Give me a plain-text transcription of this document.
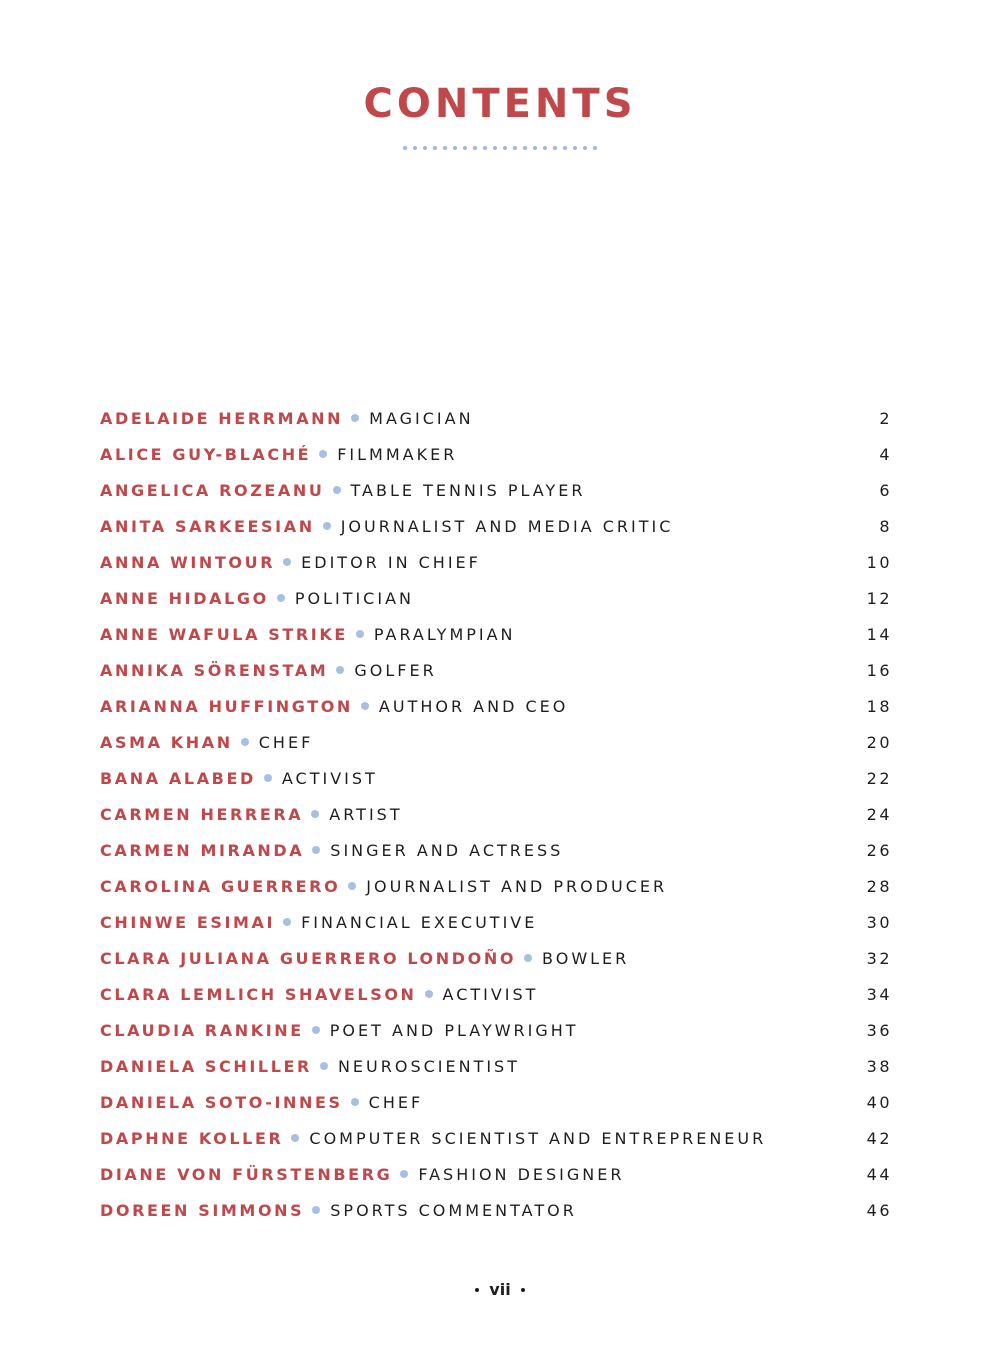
CONTENTS
ADELAIDE HERRMANN MAGICIAN	2
ALICE GUY-BLACHÉ FILMMAKER	4
ANGELICA ROZEANU TABLE TENNIS PLAYER	6
ANITA SARKEESIAN JOURNALIST AND MEDIA CRITIC	8
ANNA WINTOUR EDITOR IN CHIEF	10
ANNE HIDALGO POLITICIAN	12
ANNE WAFULA STRIKE PARALYMPIAN	14
ANNIKA SÖRENSTAM GOLFER	16
ARIANNA HUFFINGTON AUTHOR AND CEO	18
ASMA KHAN CHEF	20
BANA ALABED ACTIVIST	22
CARMEN HERRERA ARTIST	24
CARMEN MIRANDA SINGER AND ACTRESS	26
CAROLINA GUERRERO JOURNALIST AND PRODUCER	28
CHINWE ESIMAI FINANCIAL EXECUTIVE	30
CLARA JULIANA GUERRERO LONDOÑO BOWLER	32
CLARA LEMLICH SHAVELSON ACTIVIST	34
CLAUDIA RANKINE POET AND PLAYWRIGHT	36
DANIELA SCHILLER NEUROSCIENTIST	38
DANIELA SOTO-INNES CHEF	40
DAPHNE KOLLER COMPUTER SCIENTIST AND ENTREPRENEUR	42
DIANE VON FÜRSTENBERG FASHION DESIGNER	44
DOREEN SIMMONS SPORTS COMMENTATOR	46
vii
